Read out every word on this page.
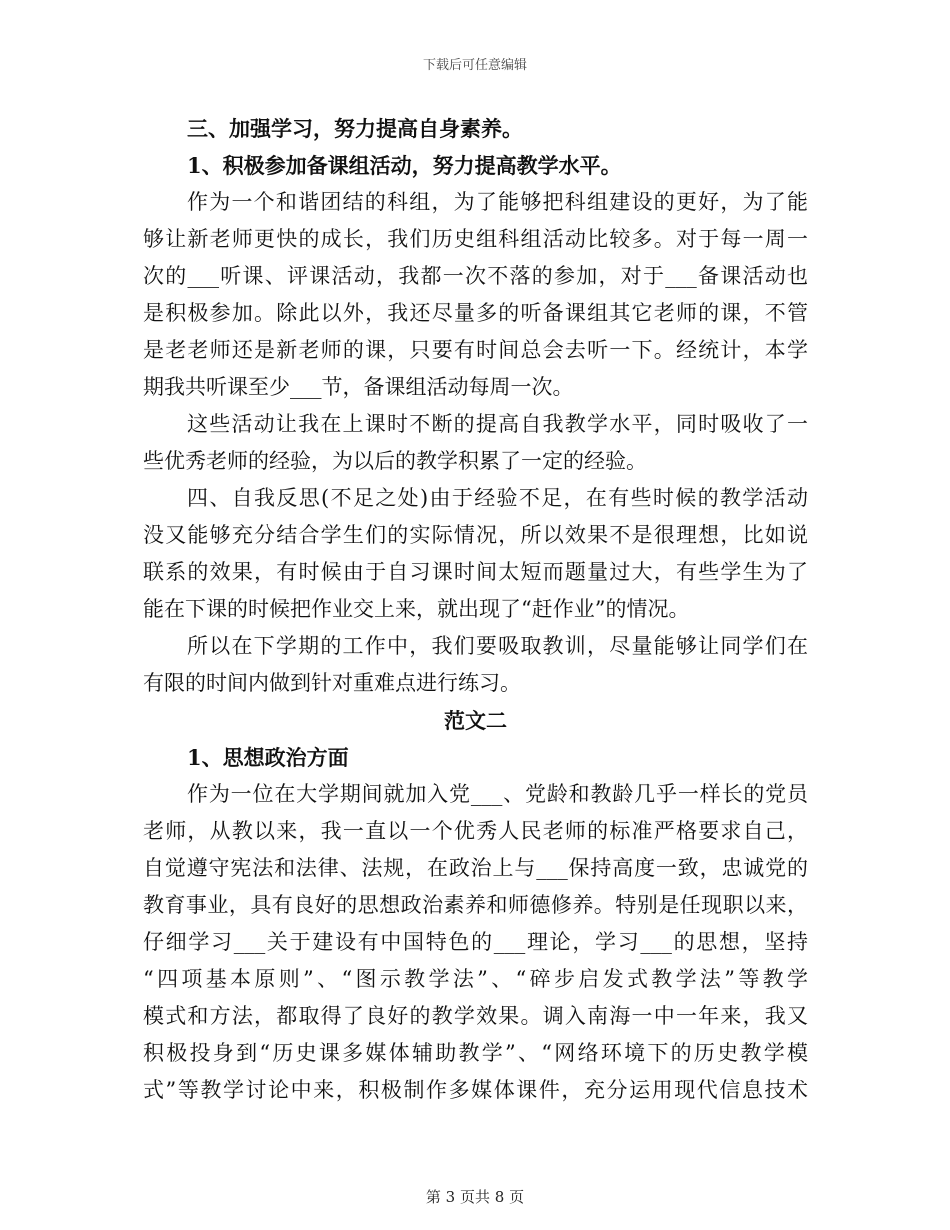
下载后可任意编辑
三、加强学习，努力提高自身素养。
1、积极参加备课组活动，努力提高教学水平。
作为一个和谐团结的科组，为了能够把科组建设的更好，为了能
够让新老师更快的成长，我们历史组科组活动比较多。对于每一周一
次的___听课、评课活动，我都一次不落的参加，对于___备课活动也
是积极参加。除此以外，我还尽量多的听备课组其它老师的课，不管
是老老师还是新老师的课，只要有时间总会去听一下。经统计，本学
期我共听课至少___节，备课组活动每周一次。
这些活动让我在上课时不断的提高自我教学水平，同时吸收了一
些优秀老师的经验，为以后的教学积累了一定的经验。
四、自我反思(不足之处)由于经验不足，在有些时候的教学活动
没又能够充分结合学生们的实际情况，所以效果不是很理想，比如说
联系的效果，有时候由于自习课时间太短而题量过大，有些学生为了
能在下课的时候把作业交上来，就出现了“赶作业”的情况。
所以在下学期的工作中，我们要吸取教训，尽量能够让同学们在
有限的时间内做到针对重难点进行练习。
范文二
1、思想政治方面
作为一位在大学期间就加入党___、党龄和教龄几乎一样长的党员
老师，从教以来，我一直以一个优秀人民老师的标准严格要求自己，
自觉遵守宪法和法律、法规，在政治上与___保持高度一致，忠诚党的
教育事业，具有良好的思想政治素养和师德修养。特别是任现职以来，
仔细学习___关于建设有中国特色的___理论，学习___的思想，坚持
“四项基本原则”、“图示教学法”、“碎步启发式教学法”等教学
模式和方法，都取得了良好的教学效果。调入南海一中一年来，我又
积极投身到“历史课多媒体辅助教学”、“网络环境下的历史教学模
式”等教学讨论中来，积极制作多媒体课件，充分运用现代信息技术
第 3 页共 8 页
